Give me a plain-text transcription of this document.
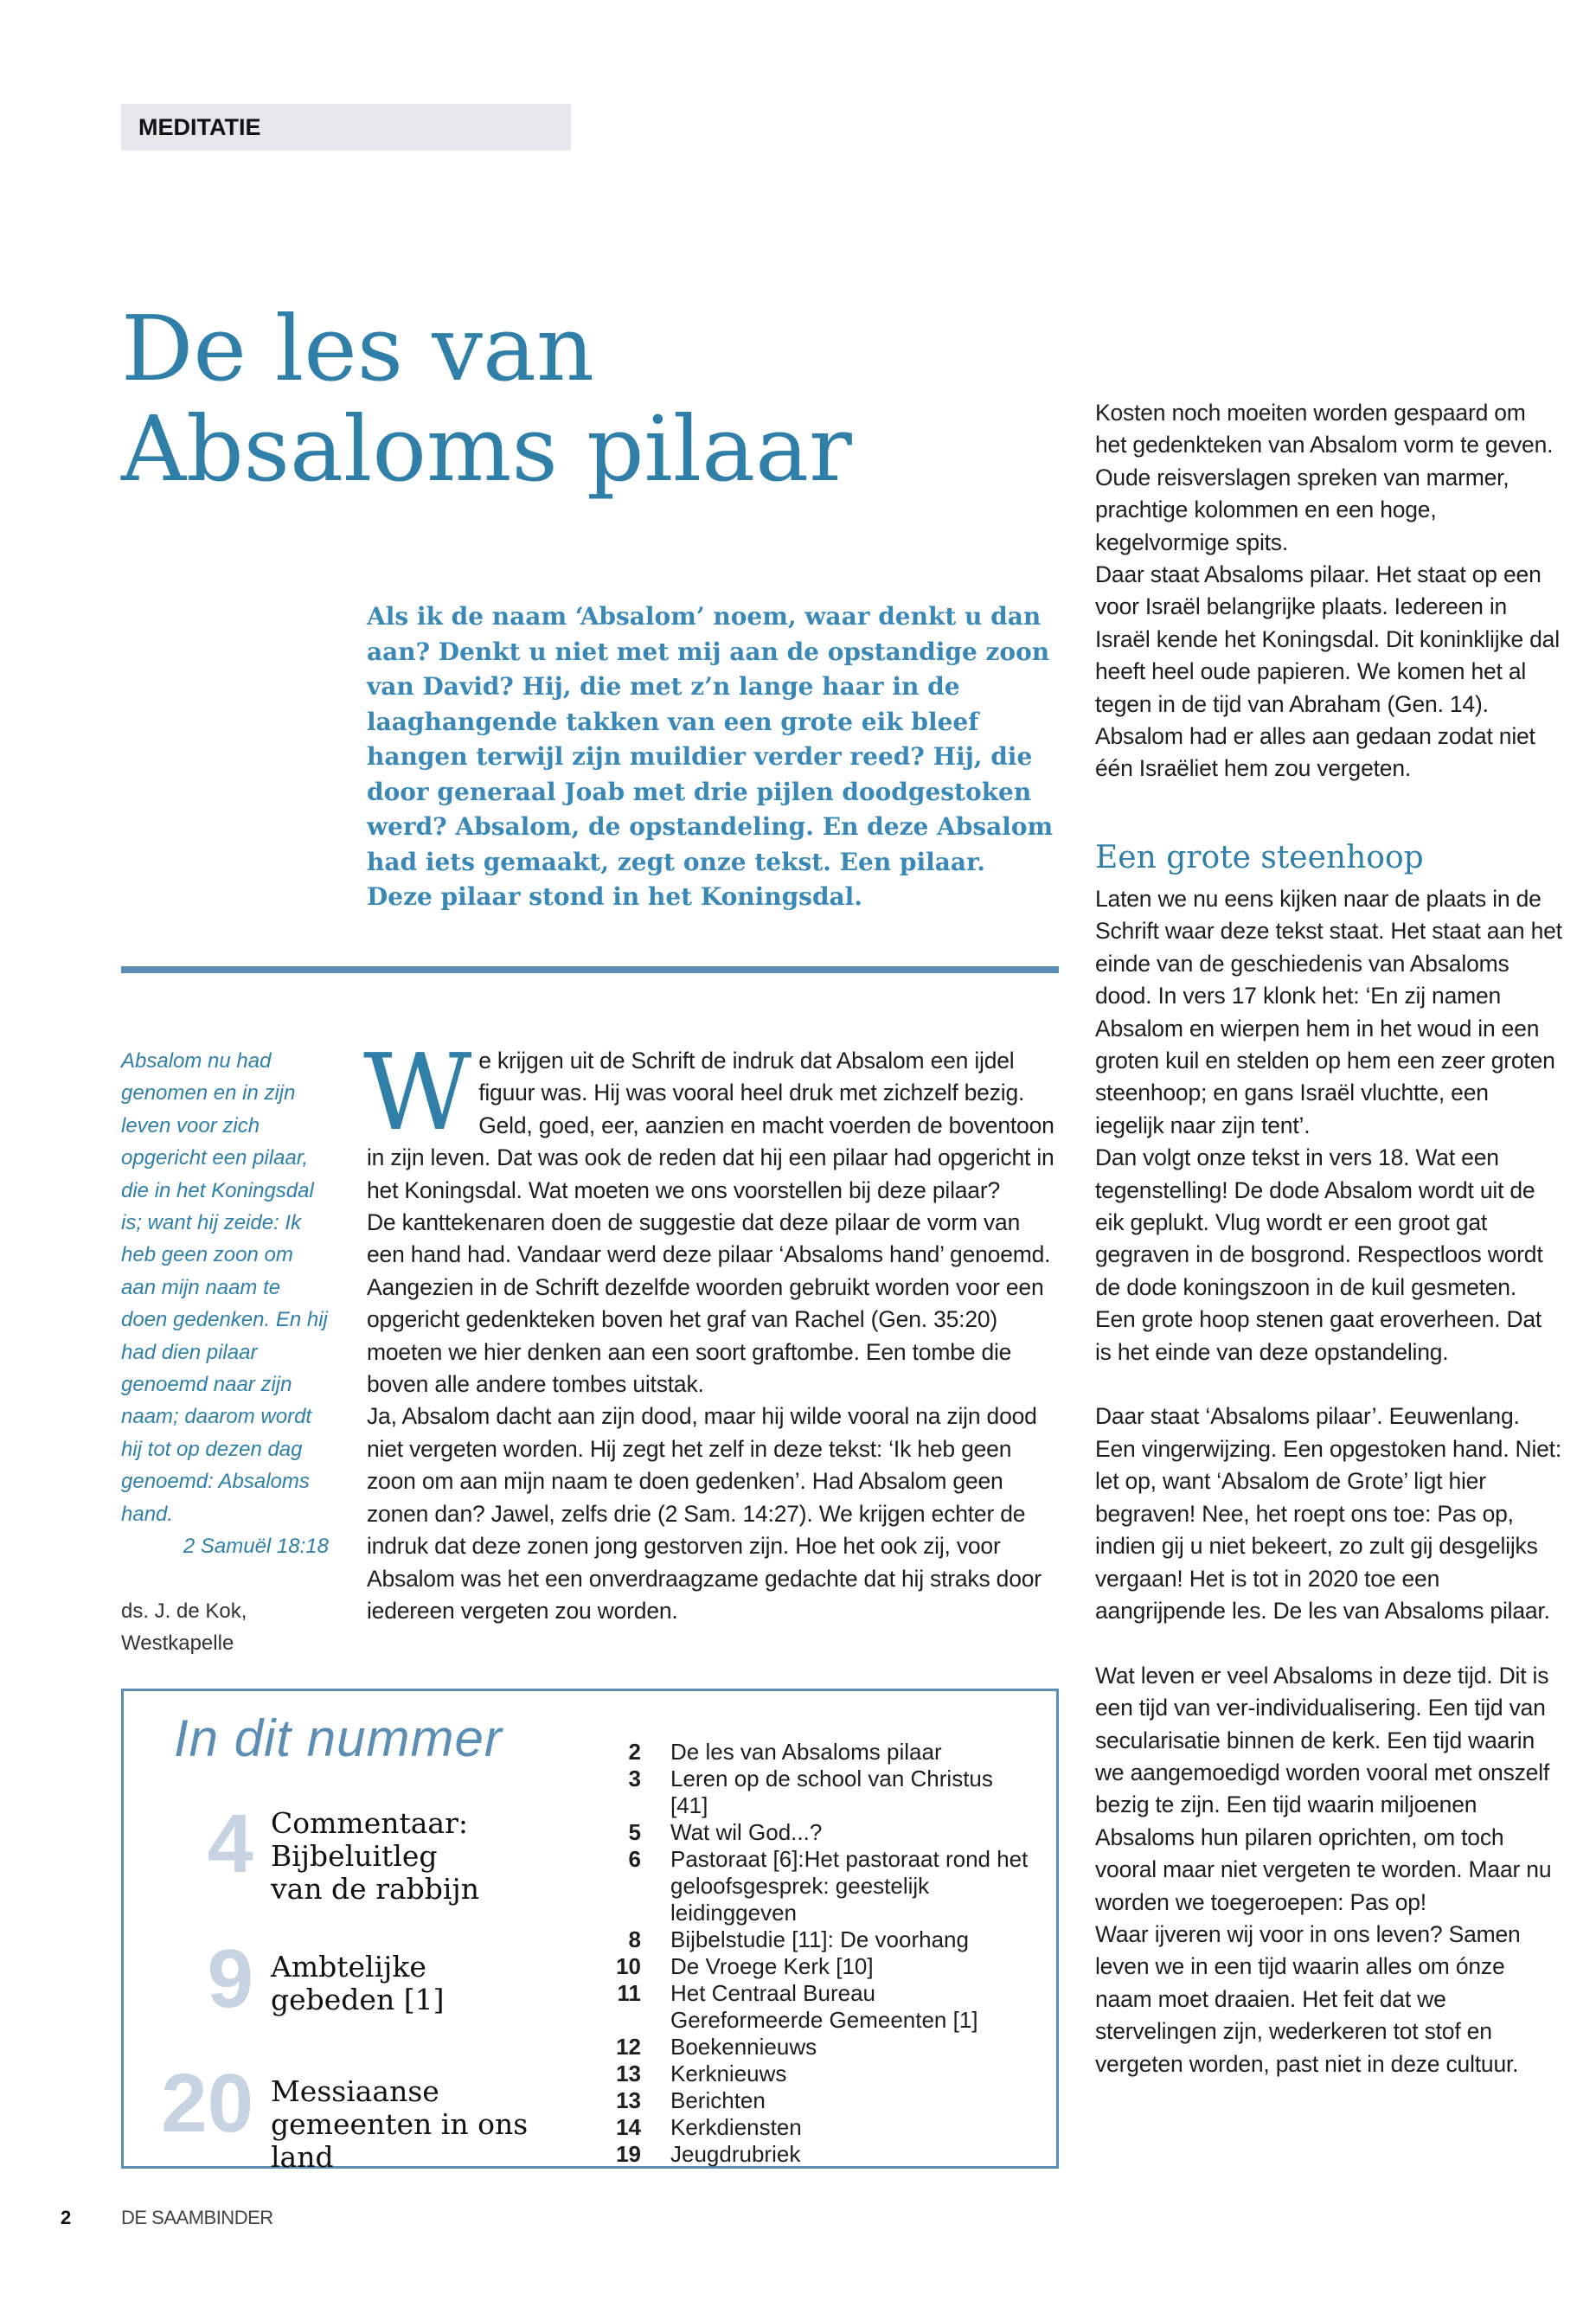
MEDITATIE
De les van
Absaloms pilaar

Als ik de naam ‘Absalom’ noem, waar denkt u dan aan? Denkt u niet met mij aan de opstandige zoon van David? Hij, die met z’n lange haar in de laaghangende takken van een grote eik bleef hangen terwijl zijn muildier verder reed? Hij, die door generaal Joab met drie pijlen doodgestoken werd? Absalom, de opstandeling. En deze Absalom had iets gemaakt, zegt onze tekst. Een pilaar. Deze pilaar stond in het Koningsdal.

Absalom nu had genomen en in zijn leven voor zich opgericht een pilaar, die in het Koningsdal is; want hij zeide: Ik heb geen zoon om aan mijn naam te doen gedenken. En hij had dien pilaar genoemd naar zijn naam; daarom wordt hij tot op dezen dag genoemd: Absaloms hand.
2 Samuël 18:18

ds. J. de Kok,
Westkapelle

W e krijgen uit de Schrift de indruk dat Absalom een ijdel figuur was. Hij was vooral heel druk met zichzelf bezig. Geld, goed, eer, aanzien en macht voerden de boventoon in zijn leven. Dat was ook de reden dat hij een pilaar had opgericht in het Koningsdal. Wat moeten we ons voorstellen bij deze pilaar?
De kanttekenaren doen de suggestie dat deze pilaar de vorm van een hand had. Vandaar werd deze pilaar ‘Absaloms hand’ genoemd. Aangezien in de Schrift dezelfde woorden gebruikt worden voor een opgericht gedenkteken boven het graf van Rachel (Gen. 35:20) moeten we hier denken aan een soort graftombe. Een tombe die boven alle andere tombes uitstak.
Ja, Absalom dacht aan zijn dood, maar hij wilde vooral na zijn dood niet vergeten worden. Hij zegt het zelf in deze tekst: ‘Ik heb geen zoon om aan mijn naam te doen gedenken’. Had Absalom geen zonen dan? Jawel, zelfs drie (2 Sam. 14:27). We krijgen echter de indruk dat deze zonen jong gestorven zijn. Hoe het ook zij, voor Absalom was het een onverdraagzame gedachte dat hij straks door iedereen vergeten zou worden.
Kosten noch moeiten worden gespaard om het gedenkteken van Absalom vorm te geven. Oude reisverslagen spreken van marmer, prachtige kolommen en een hoge, kegelvormige spits.
Daar staat Absaloms pilaar. Het staat op een voor Israël belangrijke plaats. Iedereen in Israël kende het Koningsdal. Dit koninklijke dal heeft heel oude papieren. We komen het al tegen in de tijd van Abraham (Gen. 14). Absalom had er alles aan gedaan zodat niet één Israëliet hem zou vergeten.
Een grote steenhoop
Laten we nu eens kijken naar de plaats in de Schrift waar deze tekst staat. Het staat aan het einde van de geschiedenis van Absaloms dood. In vers 17 klonk het: ‘En zij namen Absalom en wierpen hem in het woud in een groten kuil en stelden op hem een zeer groten steenhoop; en gans Israël vluchtte, een iegelijk naar zijn tent’.
Dan volgt onze tekst in vers 18. Wat een tegenstelling! De dode Absalom wordt uit de eik geplukt. Vlug wordt er een groot gat gegraven in de bosgrond. Respectloos wordt de dode koningszoon in de kuil gesmeten. Een grote hoop stenen gaat eroverheen. Dat is het einde van deze opstandeling.
Daar staat ‘Absaloms pilaar’. Eeuwenlang. Een vingerwijzing. Een opgestoken hand. Niet: let op, want ‘Absalom de Grote’ ligt hier begraven! Nee, het roept ons toe: Pas op, indien gij u niet bekeert, zo zult gij desgelijks vergaan! Het is tot in 2020 toe een aangrijpende les. De les van Absaloms pilaar.
Wat leven er veel Absaloms in deze tijd. Dit is een tijd van ver-individualisering. Een tijd van secularisatie binnen de kerk. Een tijd waarin we aangemoedigd worden vooral met onszelf bezig te zijn. Een tijd waarin miljoenen Absaloms hun pilaren oprichten, om toch vooral maar niet vergeten te worden. Maar nu worden we toegeroepen: Pas op!
Waar ijveren wij voor in ons leven? Samen leven we in een tijd waarin alles om ónze naam moet draaien. Het feit dat we stervelingen zijn, wederkeren tot stof en vergeten worden, past niet in deze cultuur.
In dit nummer
4 Commentaar:
Bijbeluitleg
van de rabbijn
9 Ambtelijke
gebeden [1]
20 Messiaanse
gemeenten in ons land
2 De les van Absaloms pilaar
3 Leren op de school van Christus [41]
5 Wat wil God...?
6 Pastoraat [6]:Het pastoraat rond het geloofsgesprek: geestelijk leidinggeven
8 Bijbelstudie [11]: De voorhang
10 De Vroege Kerk [10]
11 Het Centraal Bureau Gereformeerde Gemeenten [1]
12 Boekennieuws
13 Kerknieuws
13 Berichten
14 Kerkdiensten
19 Jeugdrubriek
2	DE SAAMBINDER
